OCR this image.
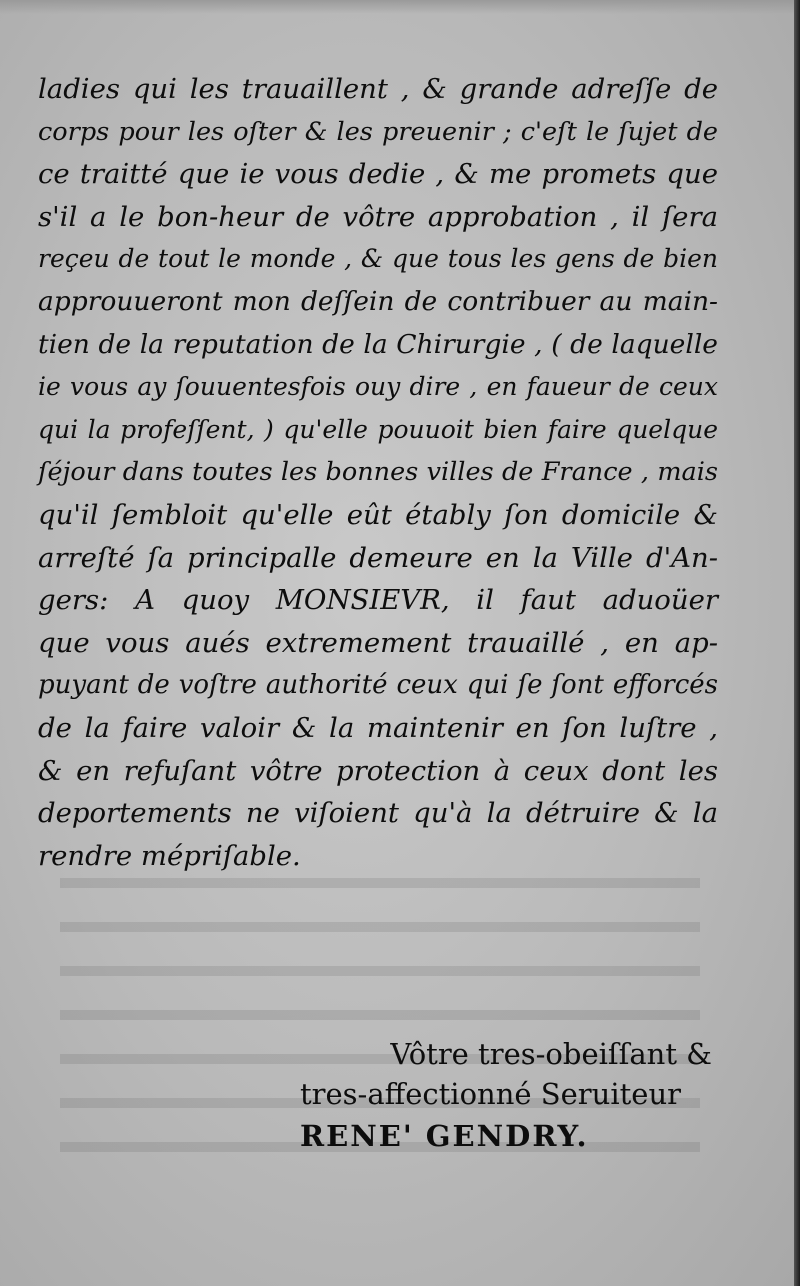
ladies qui les trauaillent , & grande adreſſe de
corps pour les oſter & les preuenir ; c'eſt le ſujet de
ce traitté que ie vous dedie , & me promets que
s'il a le bon-heur de vôtre approbation , il ſera
reçeu de tout le monde , & que tous les gens de bien
approuueront mon deſſein de contribuer au main-
tien de la reputation de la Chirurgie , ( de laquelle
ie vous ay ſouuentesfois ouy dire , en faueur de ceux
qui la profeſſent, ) qu'elle pouuoit bien faire quelque
ſéjour dans toutes les bonnes villes de France , mais
qu'il ſembloit qu'elle eût étably ſon domicile &
arreſté ſa principalle demeure en la Ville d'An-
gers: A quoy MONSIEVR, il faut aduoüer
que vous aués extremement trauaillé , en ap-
puyant de voſtre authorité ceux qui ſe ſont efforcés
de la faire valoir & la maintenir en ſon luſtre ,
& en refuſant vôtre protection à ceux dont les
deportements ne viſoient qu'à la détruire & la
rendre mépriſable.
Vôtre tres-obeiſſant &
tres-affectionné Seruiteur
RENE' GENDRY.
